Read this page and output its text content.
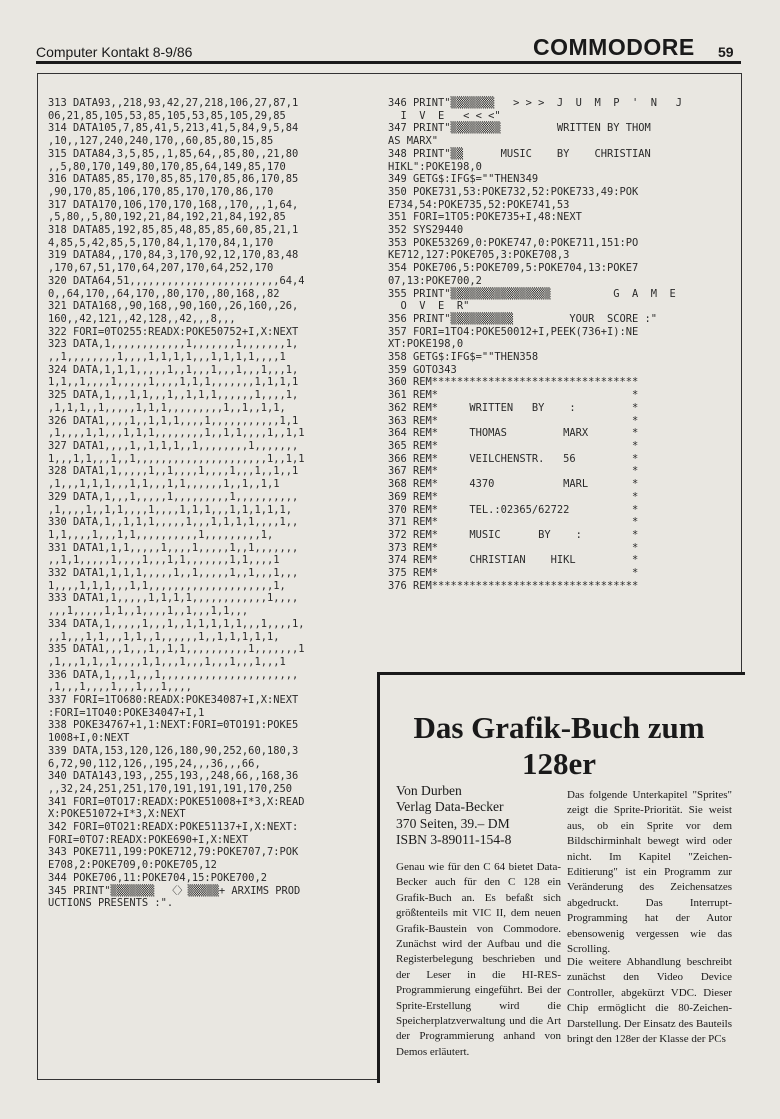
Computer Kontakt 8-9/86	COMMODORE 59
313 DATA93,,218,93,42,27,218,106,27,87,1
06,21,85,105,53,85,105,53,85,105,29,85
314 DATA105,7,85,41,5,213,41,5,84,9,5,84
,10,,127,240,240,170,,60,85,80,15,85
315 DATA84,3,5,85,,1,85,64,,85,80,,21,80
,,5,80,170,149,80,170,85,64,149,85,170
316 DATA85,85,170,85,85,170,85,86,170,85
,90,170,85,106,170,85,170,170,86,170
317 DATA170,106,170,170,168,,170,,,1,64,
,5,80,,5,80,192,21,84,192,21,84,192,85
318 DATA85,192,85,85,48,85,85,60,85,21,1
4,85,5,42,85,5,170,84,1,170,84,1,170
319 DATA84,,170,84,3,170,92,12,170,83,48
,170,67,51,170,64,207,170,64,252,170
320 DATA64,51,,,,,,,,,,,,,,,,,,,,,,,,64,4
0,,64,170,,64,170,,80,170,,80,168,,82
321 DATA168,,90,168,,90,160,,26,160,,26,
160,,42,121,,42,128,,42,,,8,,,
322 FORI=0TO255:READX:POKE50752+I,X:NEXT
323 DATA,1,,,,,,,,,,,,1,,,,,,,1,,,,,,,1,
,,1,,,,,,,,1,,,,1,1,1,1,,,1,1,1,1,,,,1
324 DATA,1,1,1,,,,,1,,1,,,1,,,1,,,1,,,1,
1,1,,1,,,,1,,,,,1,,,,1,1,1,,,,,,,1,1,1,1
325 DATA,1,,,1,1,,,1,,1,1,1,,,,,,1,,,,1,
,1,1,1,,1,,,,,1,1,1,,,,,,,,,1,,1,,1,1,
326 DATA1,,,,1,,1,1,1,,,,1,,,,,,,,,,,1,1
,1,,,,1,1,,,1,1,1,,,,,,,,1,,1,1,,,,1,,1,1
327 DATA1,,,,1,,1,1,1,,1,,,,,,,,1,,,,,,,
1,,,1,1,,,1,,1,,,,,,,,,,,,,,,,,,,,,1,,1,1
328 DATA1,1,,,,,1,,1,,,,1,,,,1,,,1,,1,,1
,1,,,1,1,1,,,1,1,,,1,1,,,,,,1,,1,,1,1
329 DATA,1,,,1,,,,,1,,,,,,,,,1,,,,,,,,,,
,1,,,,1,,1,1,,,,1,,,,1,1,1,,,1,1,1,1,1,
330 DATA,1,,1,1,1,,,,,1,,,1,1,1,1,,,,1,,
1,1,,,,1,,,1,1,,,,,,,,,,1,,,,,,,,,1,
331 DATA1,1,1,,,,,1,,,,1,,,,,1,,1,,,,,,,
,,1,1,,,,,1,,,,1,,,1,1,,,,,,,1,1,,,,1
332 DATA1,1,1,1,,,,,1,,1,,,,,1,,1,,,1,,,
1,,,,1,1,1,,,1,1,,,,,,,,,,,,,,,,,,,,1,
333 DATA1,1,,,,,1,1,1,1,,,,,,,,,,,,1,,,,
,,,1,,,,,1,1,,1,,,,1,,1,,,1,1,,,
334 DATA,1,,,,,1,,,1,,1,1,1,1,1,,,1,,,,1,
,,1,,,1,1,,,1,1,,1,,,,,,1,,1,1,1,1,1,
335 DATA1,,,1,,,1,,1,1,,,,,,,,,,1,,,,,,,1
,1,,,1,1,,1,,,,1,1,,,1,,,1,,,1,,,1,,,1
336 DATA,1,,,1,,,1,,,,,,,,,,,,,,,,,,,,,,
,1,,,1,,,,1,,,1,,,1,,,,
337 FORI=1TO680:READX:POKE34087+I,X:NEXT
:FORI=1TO40:POKE34047+I,1
338 POKE34767+1,1:NEXT:FORI=0TO191:POKE5
1008+I,0:NEXT
339 DATA,153,120,126,180,90,252,60,180,3
6,72,90,112,126,,195,24,,,36,,,66,
340 DATA143,193,,255,193,,248,66,,168,36
,,32,24,251,251,170,191,191,191,170,250
341 FORI=0TO17:READX:POKE51008+I*3,X:READ
X:POKE51072+I*3,X:NEXT
342 FORI=0TO21:READX:POKE51137+I,X:NEXT:
FORI=0TO7:READX:POKE690+I,X:NEXT
343 POKE711,199:POKE712,79:POKE707,7:POK
E708,2:POKE709,0:POKE705,12
344 POKE706,11:POKE704,15:POKE700,2
345 PRINT"▒▒▒▒▒▒▒  〈〉▒▒▒▒▒+ ARXIMS PROD
UCTIONS PRESENTS :".
346 PRINT"▒▒▒▒▒▒▒   > > >  J  U  M  P  '  N   J
I  V  E   < < <"
347 PRINT"▒▒▒▒▒▒▒▒         WRITTEN BY THOM
AS MARX"
348 PRINT"▒▒      MUSIC    BY    CHRISTIAN
HIKL":POKE198,0
349 GETG$:IFG$=""THEN349
350 POKE731,53:POKE732,52:POKE733,49:POK
E734,54:POKE735,52:POKE741,53
351 FORI=1TO5:POKE735+I,48:NEXT
352 SYS29440
353 POKE53269,0:POKE747,0:POKE711,151:PO
KE712,127:POKE705,3:POKE708,3
354 POKE706,5:POKE709,5:POKE704,13:POKE7
07,13:POKE700,2
355 PRINT"▒▒▒▒▒▒▒▒▒▒▒▒▒▒▒▒          G  A  M  E
O  V  E  R"
356 PRINT"▒▒▒▒▒▒▒▒▒▒         YOUR  SCORE :"
357 FORI=1TO4:POKE50012+I,PEEK(736+I):NE
XT:POKE198,0
358 GETG$:IFG$=""THEN358
359 GOTO343
360 REM*********************************
361 REM*                               *
362 REM*     WRITTEN   BY    :         *
363 REM*                               *
364 REM*     THOMAS         MARX       *
365 REM*                               *
366 REM*     VEILCHENSTR.   56         *
367 REM*                               *
368 REM*     4370           MARL       *
369 REM*                               *
370 REM*     TEL.:02365/62722          *
371 REM*                               *
372 REM*     MUSIC      BY    :        *
373 REM*                               *
374 REM*     CHRISTIAN    HIKL         *
375 REM*                               *
376 REM*********************************
Das Grafik-Buch zum 128er
Von Durben
Verlag Data-Becker
370 Seiten, 39.– DM
ISBN 3-89011-154-8
Genau wie für den C 64 bietet Data-Becker auch für den C 128 ein Grafik-Buch an. Es befaßt sich größtenteils mit VIC II, dem neuen Grafik-Baustein von Commodore. Zunächst wird der Aufbau und die Registerbelegung beschrieben und der Leser in die HI-RES-Programmierung eingeführt. Bei der Sprite-Erstellung wird die Speicherplatzverwaltung und die Art der Programmierung anhand von Demos erläutert.
Das folgende Unterkapitel "Sprites" zeigt die Sprite-Priorität. Sie weist aus, ob ein Sprite vor dem Bildschirminhalt bewegt wird oder nicht. Im Kapitel "Zeichen-Editierung" ist ein Programm zur Veränderung des Zeichensatzes abgedruckt. Das Interrupt-Programming hat der Autor ebensowenig vergessen wie das Scrolling.
Die weitere Abhandlung beschreibt zunächst den Video Device Controller, abgekürzt VDC. Dieser Chip ermöglicht die 80-Zeichen-Darstellung. Der Einsatz des Bauteils bringt den 128er der Klasse der PCs
